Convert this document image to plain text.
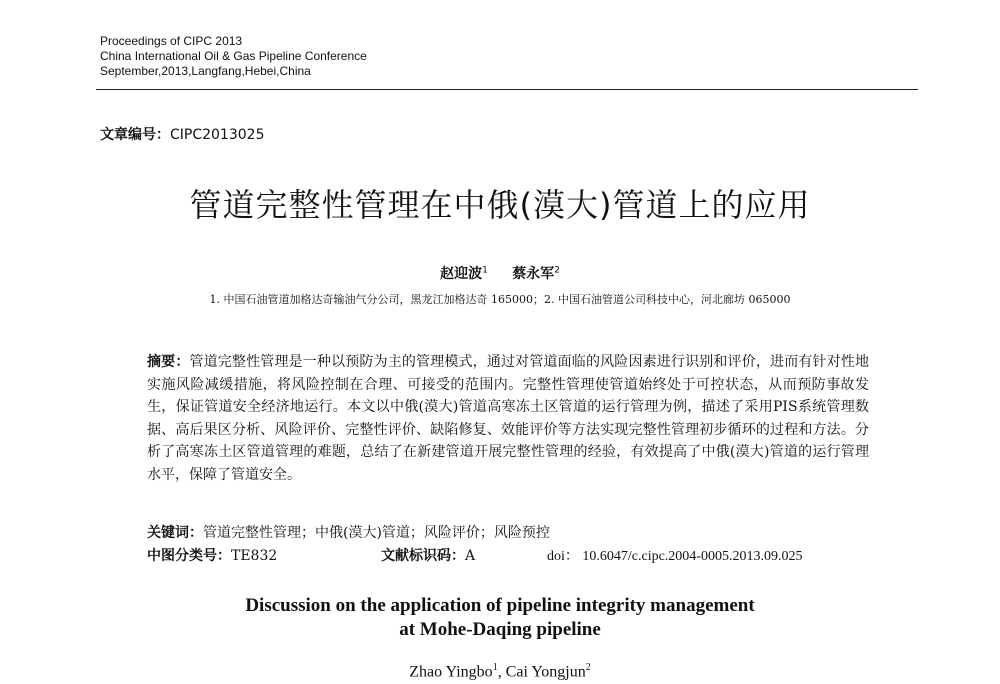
Proceedings of CIPC 2013
China International Oil & Gas Pipeline Conference
September,2013,Langfang,Hebei,China
文章编号：CIPC2013025
管道完整性管理在中俄(漠大)管道上的应用
赵迎波$^1$ 蔡永军$^2$
1. 中国石油管道加格达奇输油气分公司，黑龙江加格达奇 165000；2. 中国石油管道公司科技中心，河北廊坊 065000
摘要：管道完整性管理是一种以预防为主的管理模式，通过对管道面临的风险因素进行识别和评价，进而有针对性地实施风险减缓措施，将风险控制在合理、可接受的范围内。完整性管理使管道始终处于可控状态，从而预防事故发生，保证管道安全经济地运行。本文以中俄(漠大)管道高寒冻土区管道的运行管理为例，描述了采用PIS系统管理数据、高后果区分析、风险评价、完整性评价、缺陷修复、效能评价等方法实现完整性管理初步循环的过程和方法。分析了高寒冻土区管道管理的难题，总结了在新建管道开展完整性管理的经验，有效提高了中俄(漠大)管道的运行管理水平，保障了管道安全。
关键词：管道完整性管理；中俄(漠大)管道；风险评价；风险预控
中图分类号：TE832	文献标识码：A	doi： 10.6047/c.cipc.2004-0005.2013.09.025
Discussion on the application of pipeline integrity management
at Mohe-Daqing pipeline
Zhao Yingbo$^1$, Cai Yongjun$^2$
